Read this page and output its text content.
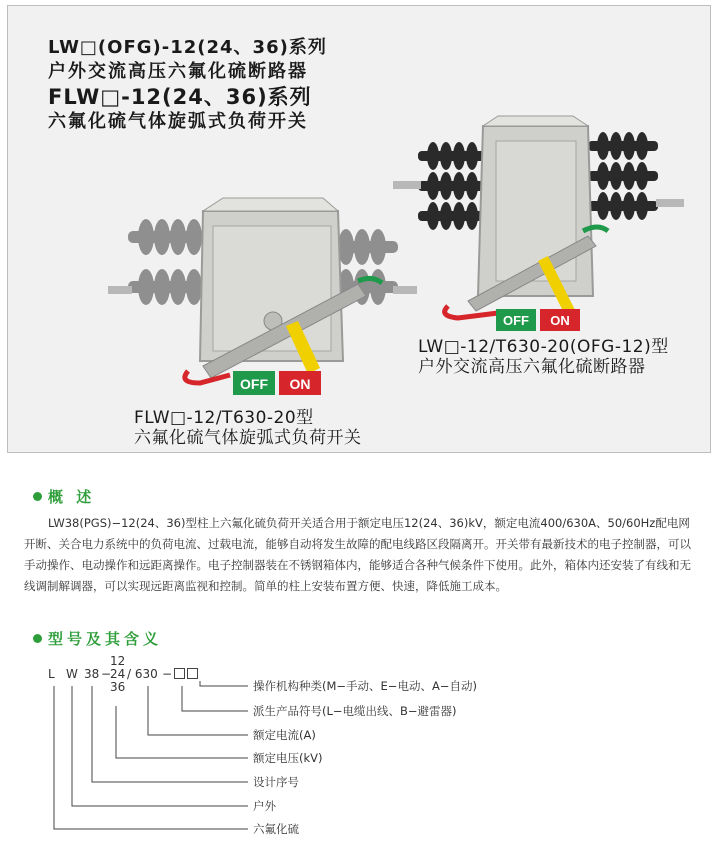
LW□(OFG)-12(24、36)系列
户外交流高压六氟化硫断路器
FLW□-12(24、36)系列
六氟化硫气体旋弧式负荷开关
OFF ON
OFF ON
LW□-12/T630-20(OFG-12)型
户外交流高压六氟化硫断路器
FLW□-12/T630-20型
六氟化硫气体旋弧式负荷开关
概 述

LW38(PGS)−12(24、36)型柱上六氟化硫负荷开关适合用于额定电压12(24、36)kV，额定电流400/630A、50/60Hz配电网开断、关合电力系统中的负荷电流、过载电流，能够自动将发生故障的配电线路区段隔离开。开关带有最新技术的电子控制器，可以手动操作、电动操作和远距离操作。电子控制器装在不锈钢箱体内，能够适合各种气候条件下使用。此外，箱体内还安装了有线和无线调制解调器，可以实现远距离监视和控制。简单的柱上安装布置方便、快速，降低施工成本。

型号及其含义
L W 38 −
12
24
36
/ 630 −
操作机构种类(M−手动、E−电动、A−自动)
派生产品符号(L−电缆出线、B−避雷器)
额定电流(A)
额定电压(kV)
设计序号
户外
六氟化硫
